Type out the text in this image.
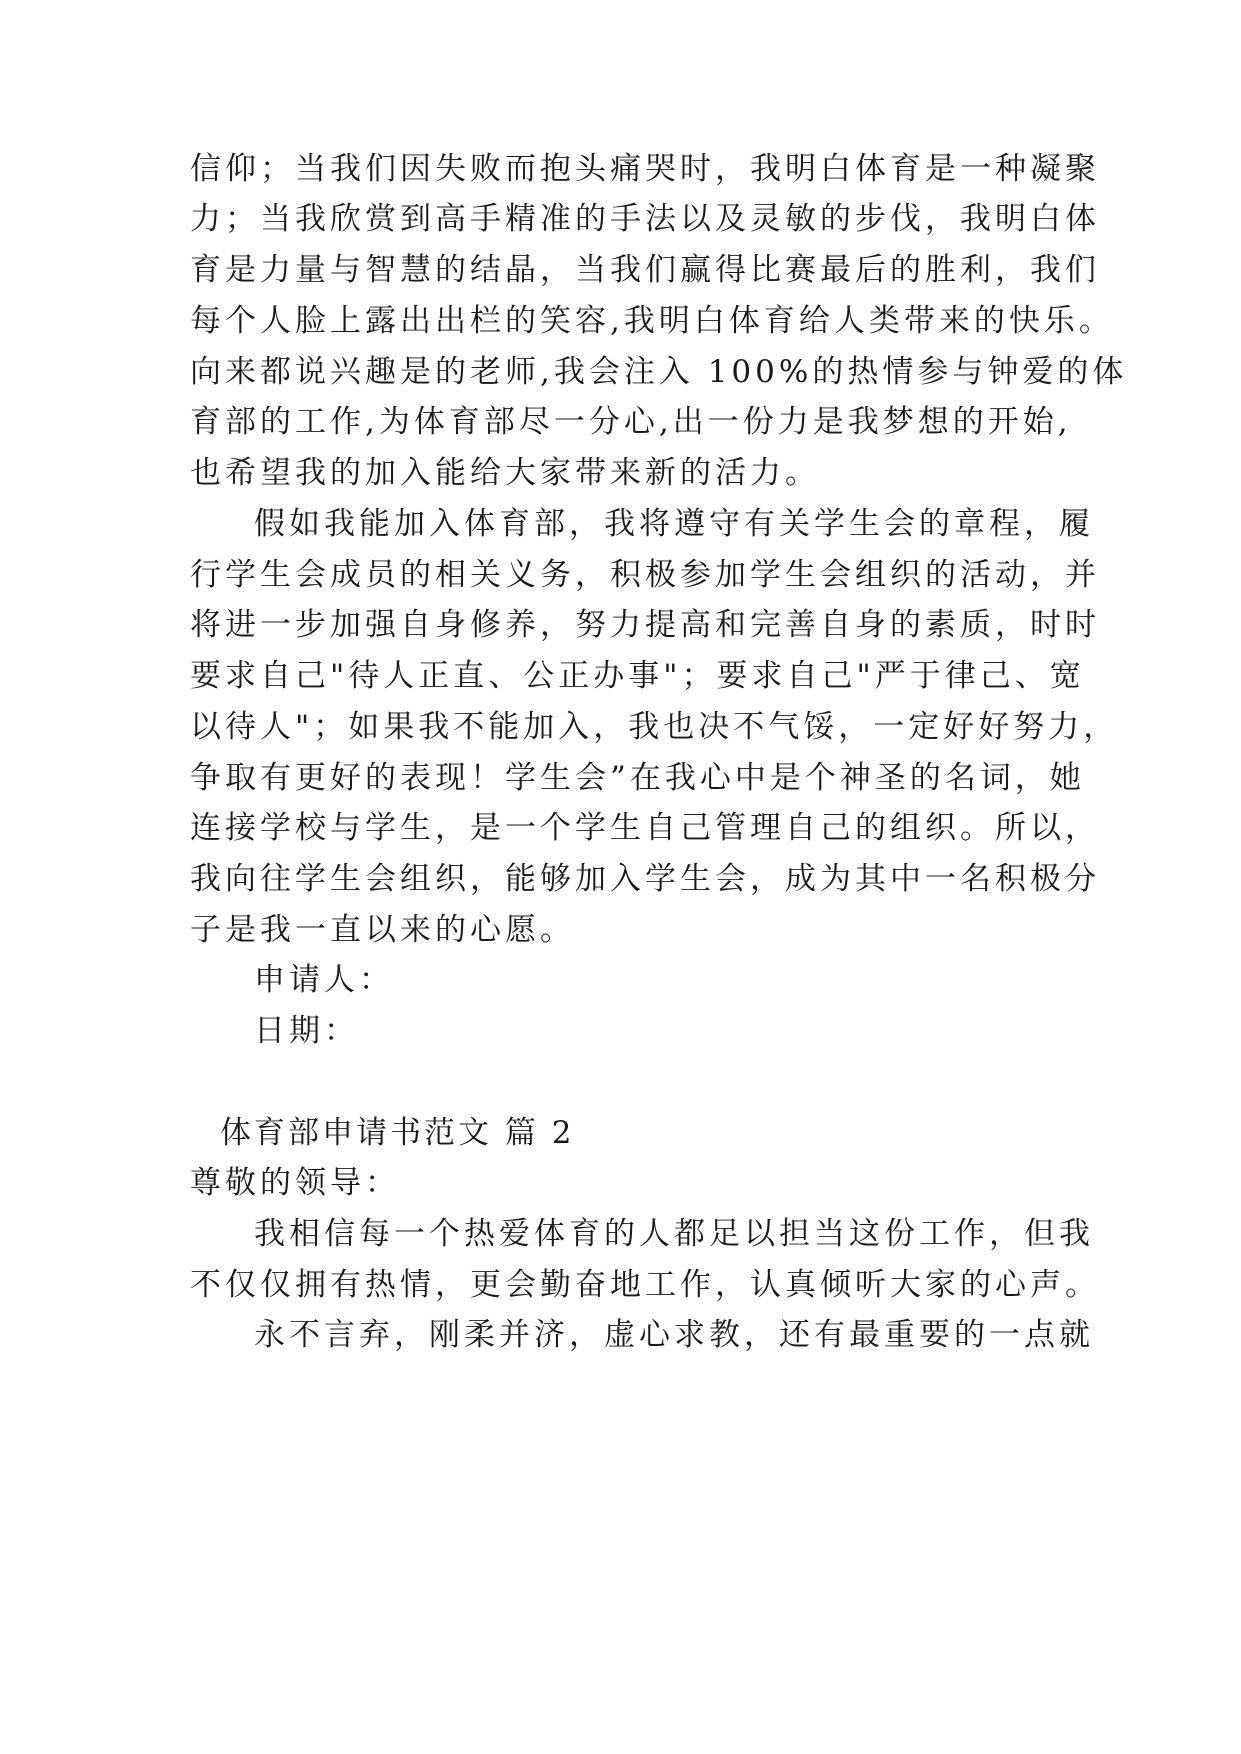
信仰；当我们因失败而抱头痛哭时，我明白体育是一种凝聚
力；当我欣赏到高手精准的手法以及灵敏的步伐，我明白体
育是力量与智慧的结晶，当我们赢得比赛最后的胜利，我们
每个人脸上露出出栏的笑容,我明白体育给人类带来的快乐。
向来都说兴趣是的老师,我会注入 100%的热情参与钟爱的体
育部的工作,为体育部尽一分心,出一份力是我梦想的开始,
也希望我的加入能给大家带来新的活力。
假如我能加入体育部，我将遵守有关学生会的章程，履
行学生会成员的相关义务，积极参加学生会组织的活动，并
将进一步加强自身修养，努力提高和完善自身的素质，时时
要求自己"待人正直、公正办事"；要求自己"严于律己、宽
以待人"；如果我不能加入，我也决不气馁，一定好好努力，
争取有更好的表现！学生会”在我心中是个神圣的名词，她
连接学校与学生，是一个学生自己管理自己的组织。所以，
我向往学生会组织，能够加入学生会，成为其中一名积极分
子是我一直以来的心愿。
申请人：
日期：
体育部申请书范文 篇 2
尊敬的领导：
我相信每一个热爱体育的人都足以担当这份工作，但我
不仅仅拥有热情，更会勤奋地工作，认真倾听大家的心声。
永不言弃，刚柔并济，虚心求教，还有最重要的一点就
